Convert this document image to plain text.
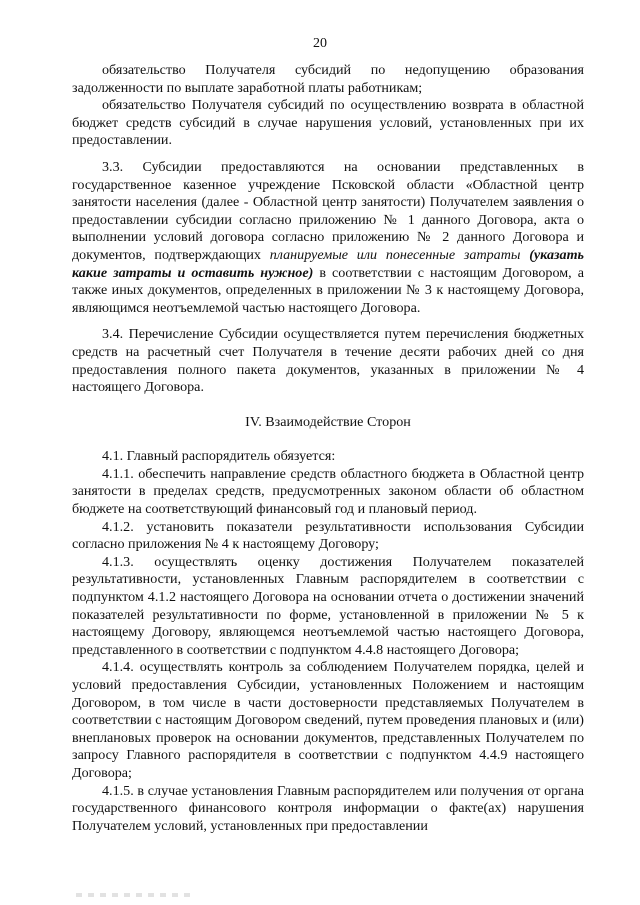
20

обязательство Получателя субсидий по недопущению образования задолженности по выплате заработной платы работникам;

обязательство Получателя субсидий по осуществлению возврата в областной бюджет средств субсидий в случае нарушения условий, установленных при их предоставлении.

3.3. Субсидии предоставляются на основании представленных в государственное казенное учреждение Псковской области «Областной центр занятости населения (далее - Областной центр занятости) Получателем заявления о предоставлении субсидии согласно приложению № 1 данного Договора, акта о выполнении условий договора согласно приложению № 2 данного Договора и документов, подтверждающих планируемые или понесенные затраты (указать какие затраты и оставить нужное) в соответствии с настоящим Договором, а также иных документов, определенных в приложении № 3 к настоящему Договора, являющимся неотъемлемой частью настоящего Договора.

3.4. Перечисление Субсидии осуществляется путем перечисления бюджетных средств на расчетный счет Получателя в течение десяти рабочих дней со дня предоставления полного пакета документов, указанных в приложении № 4 настоящего Договора.

IV. Взаимодействие Сторон

4.1. Главный распорядитель обязуется:

4.1.1. обеспечить направление средств областного бюджета в Областной центр занятости в пределах средств, предусмотренных законом области об областном бюджете на соответствующий финансовый год и плановый период.

4.1.2. установить показатели результативности использования Субсидии согласно приложения № 4 к настоящему Договору;

4.1.3. осуществлять оценку достижения Получателем показателей результативности, установленных Главным распорядителем в соответствии с подпунктом 4.1.2 настоящего Договора на основании отчета о достижении значений показателей результативности по форме, установленной в приложении № 5 к настоящему Договору, являющемся неотъемлемой частью настоящего Договора, представленного в соответствии с подпунктом 4.4.8 настоящего Договора;

4.1.4. осуществлять контроль за соблюдением Получателем порядка, целей и условий предоставления Субсидии, установленных Положением и настоящим Договором, в том числе в части достоверности представляемых Получателем в соответствии с настоящим Договором сведений, путем проведения плановых и (или) внеплановых проверок на основании документов, представленных Получателем по запросу Главного распорядителя в соответствии с подпунктом 4.4.9 настоящего Договора;

4.1.5. в случае установления Главным распорядителем или получения от органа государственного финансового контроля информации о факте(ах) нарушения Получателем условий, установленных при предоставлении
